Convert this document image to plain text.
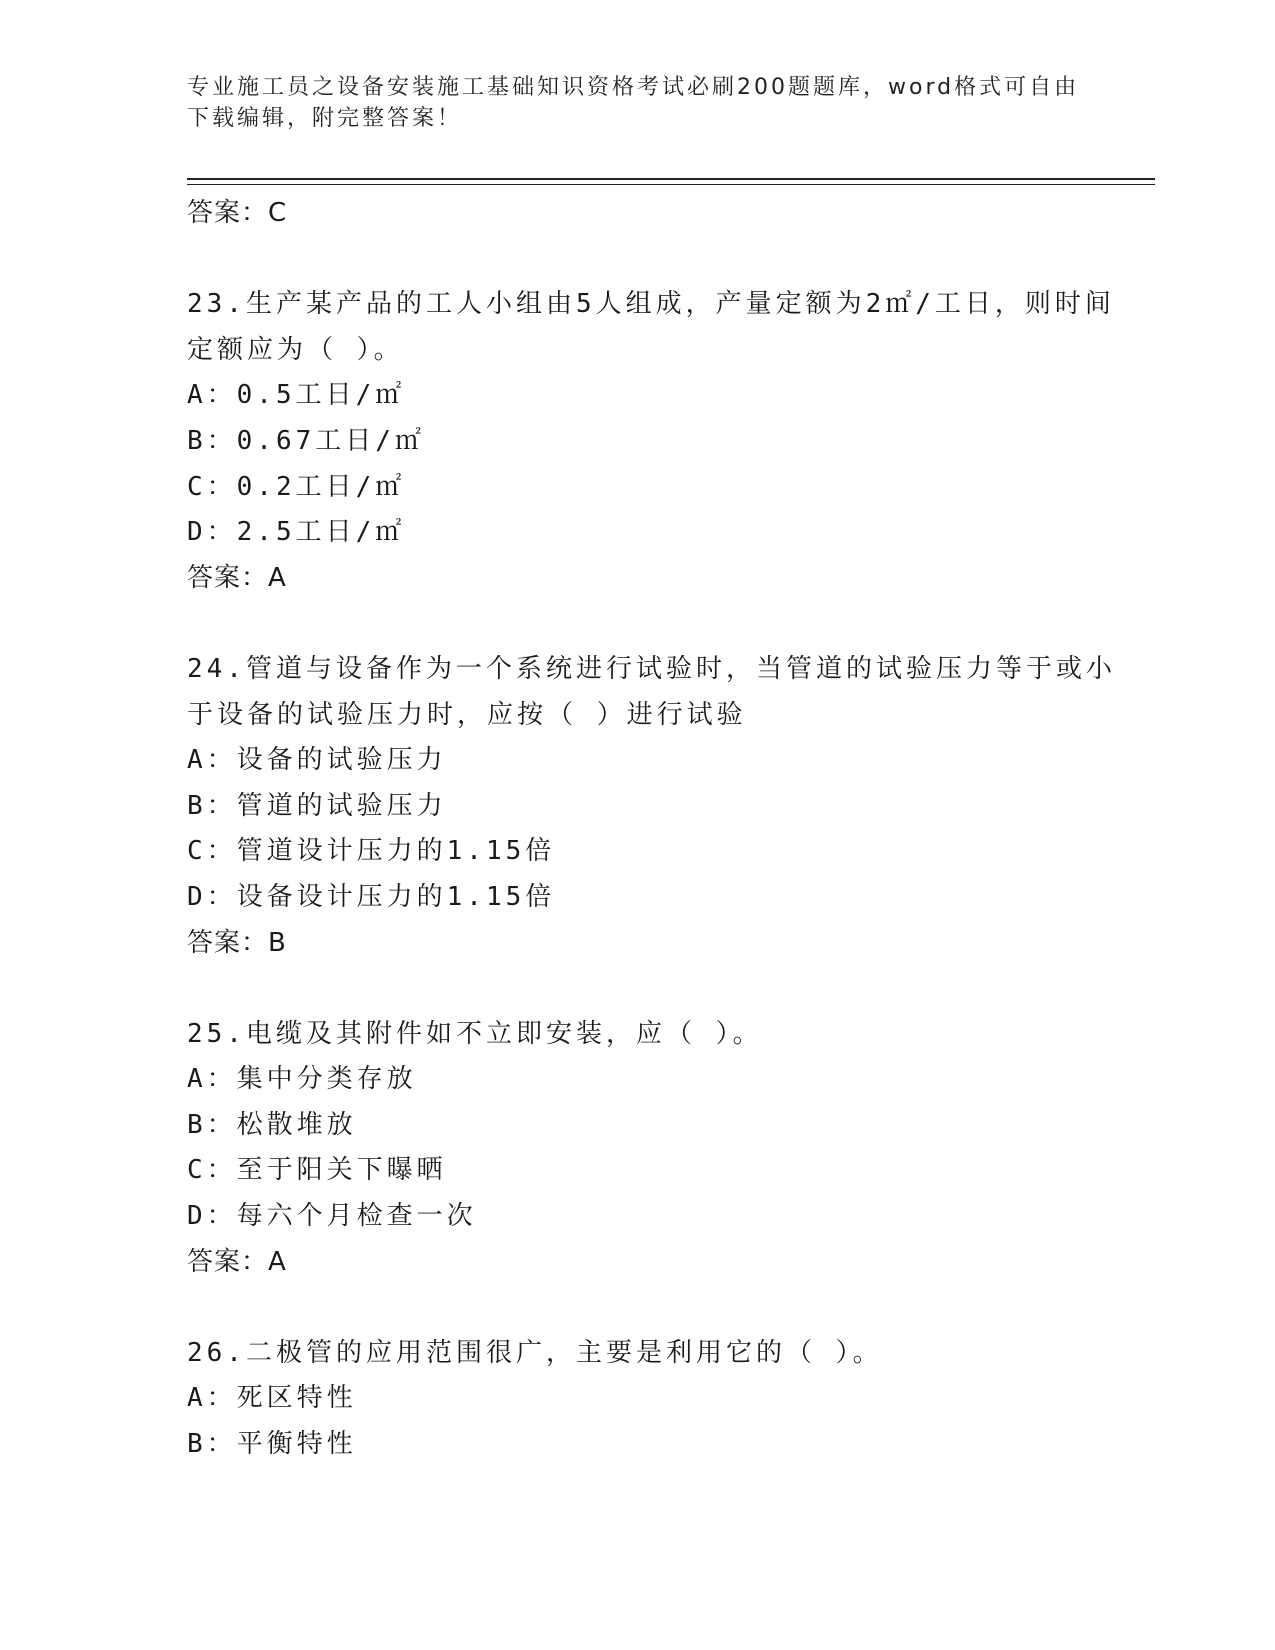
专业施工员之设备安装施工基础知识资格考试必刷200题题库，word格式可自由
下载编辑，附完整答案！
答案：C
23.生产某产品的工人小组由5人组成，产量定额为2㎡/工日，则时间
定额应为（ ）。
A：0.5工日/㎡
B：0.67工日/㎡
C：0.2工日/㎡
D：2.5工日/㎡
答案：A
24.管道与设备作为一个系统进行试验时，当管道的试验压力等于或小
于设备的试验压力时，应按（ ）进行试验
A：设备的试验压力
B：管道的试验压力
C：管道设计压力的1.15倍
D：设备设计压力的1.15倍
答案：B
25.电缆及其附件如不立即安装，应（ ）。
A：集中分类存放
B：松散堆放
C：至于阳关下曝晒
D：每六个月检查一次
答案：A
26.二极管的应用范围很广，主要是利用它的（ ）。
A：死区特性
B：平衡特性
